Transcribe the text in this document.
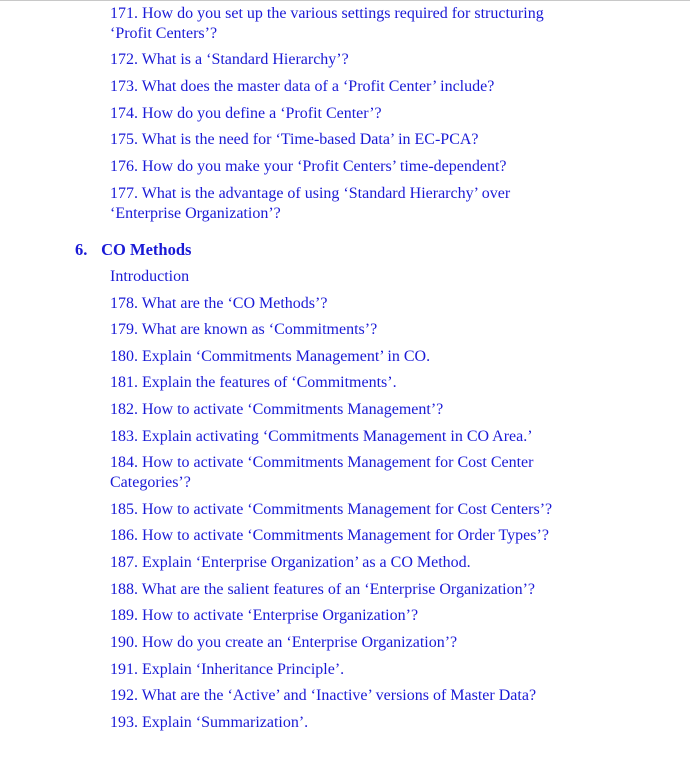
171. How do you set up the various settings required for structuring ‘Profit Centers’?

172. What is a ‘Standard Hierarchy’?

173. What does the master data of a ‘Profit Center’ include?

174. How do you define a ‘Profit Center’?

175. What is the need for ‘Time-based Data’ in EC-PCA?

176. How do you make your ‘Profit Centers’ time-dependent?

177. What is the advantage of using ‘Standard Hierarchy’ over ‘Enterprise Organization’?

6. CO Methods

Introduction

178. What are the ‘CO Methods’?

179. What are known as ‘Commitments’?

180. Explain ‘Commitments Management’ in CO.

181. Explain the features of ‘Commitments’.

182. How to activate ‘Commitments Management’?

183. Explain activating ‘Commitments Management in CO Area.’

184. How to activate ‘Commitments Management for Cost Center Categories’?

185. How to activate ‘Commitments Management for Cost Centers’?

186. How to activate ‘Commitments Management for Order Types’?

187. Explain ‘Enterprise Organization’ as a CO Method.

188. What are the salient features of an ‘Enterprise Organization’?

189. How to activate ‘Enterprise Organization’?

190. How do you create an ‘Enterprise Organization’?

191. Explain ‘Inheritance Principle’.

192. What are the ‘Active’ and ‘Inactive’ versions of Master Data?

193. Explain ‘Summarization’.
